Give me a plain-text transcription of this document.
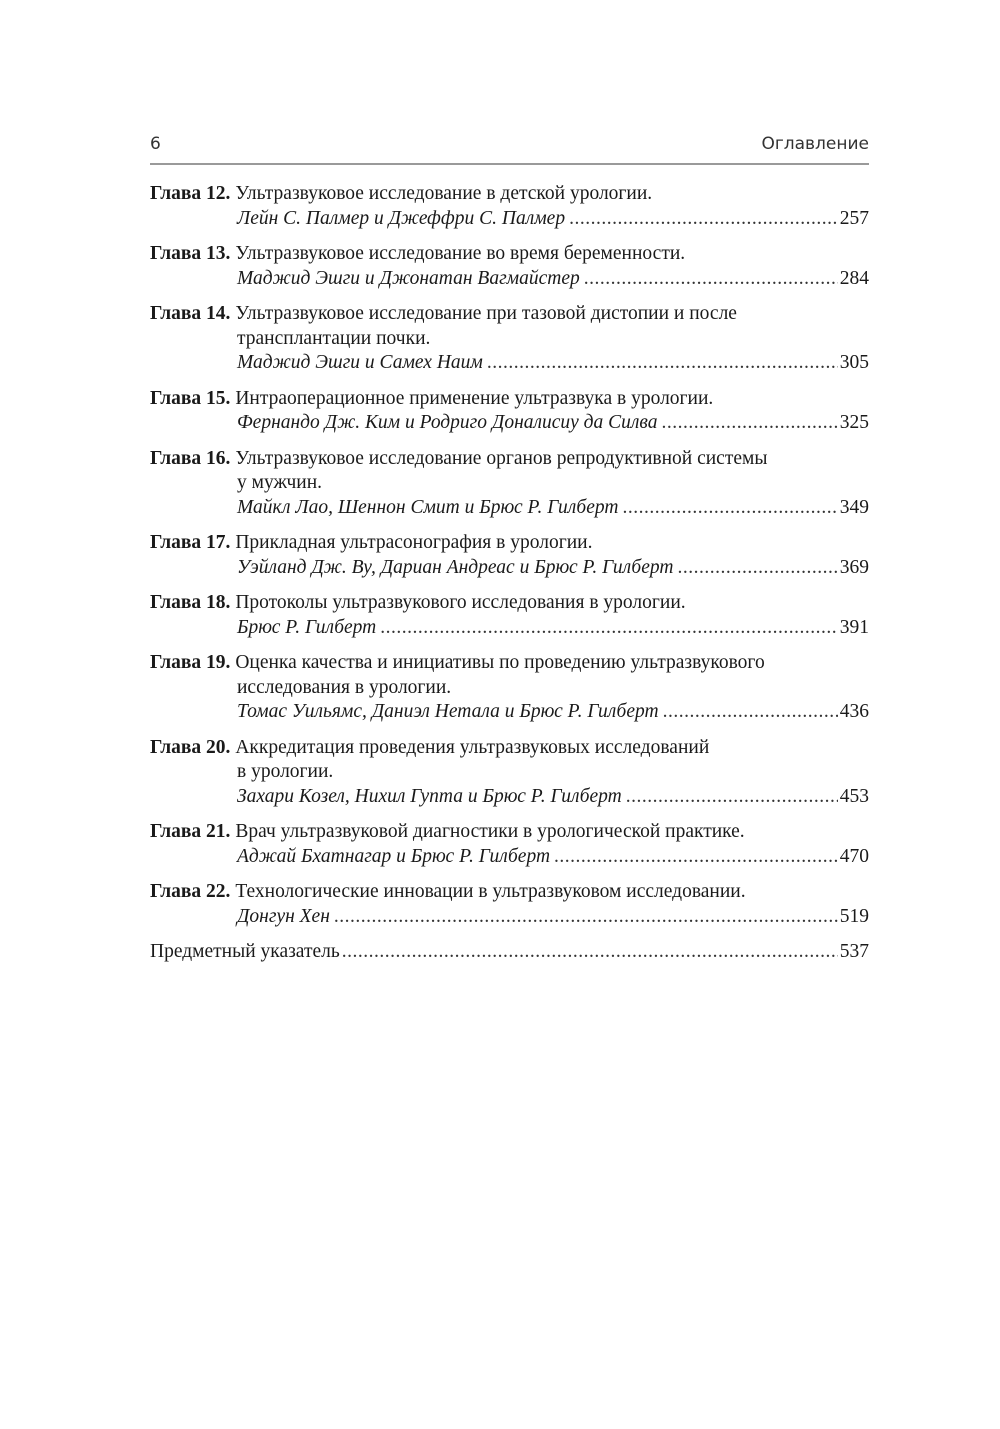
6	Оглавление
Глава 12. Ультразвуковое исследование в детской урологии.
Лейн С. Палмер и Джеффри С. Палмер .....	257
Глава 13. Ультразвуковое исследование во время беременности.
Маджид Эшги и Джонатан Вагмайстер .....	284
Глава 14. Ультразвуковое исследование при тазовой дистопии и после
трансплантации почки.
Маджид Эшги и Самех Наим .....	305
Глава 15. Интраоперационное применение ультразвука в урологии.
Фернандо Дж. Ким и Родриго Доналисиу да Силва .....	325
Глава 16. Ультразвуковое исследование органов репродуктивной системы
у мужчин.
Майкл Лао, Шеннон Смит и Брюс Р. Гилберт .....	349
Глава 17. Прикладная ультрасонография в урологии.
Уэйланд Дж. Ву, Дариан Андреас и Брюс Р. Гилберт .....	369
Глава 18. Протоколы ультразвукового исследования в урологии.
Брюс Р. Гилберт .....	391
Глава 19. Оценка качества и инициативы по проведению ультразвукового
исследования в урологии.
Томас Уильямс, Даниэл Нетала и Брюс Р. Гилберт .....	436
Глава 20. Аккредитация проведения ультразвуковых исследований
в урологии.
Захари Козел, Нихил Гупта и Брюс Р. Гилберт .....	453
Глава 21. Врач ультразвуковой диагностики в урологической практике.
Аджай Бхатнагар и Брюс Р. Гилберт .....	470
Глава 22. Технологические инновации в ультразвуковом исследовании.
Донгун Хен .....	519
Предметный указатель .....	537
